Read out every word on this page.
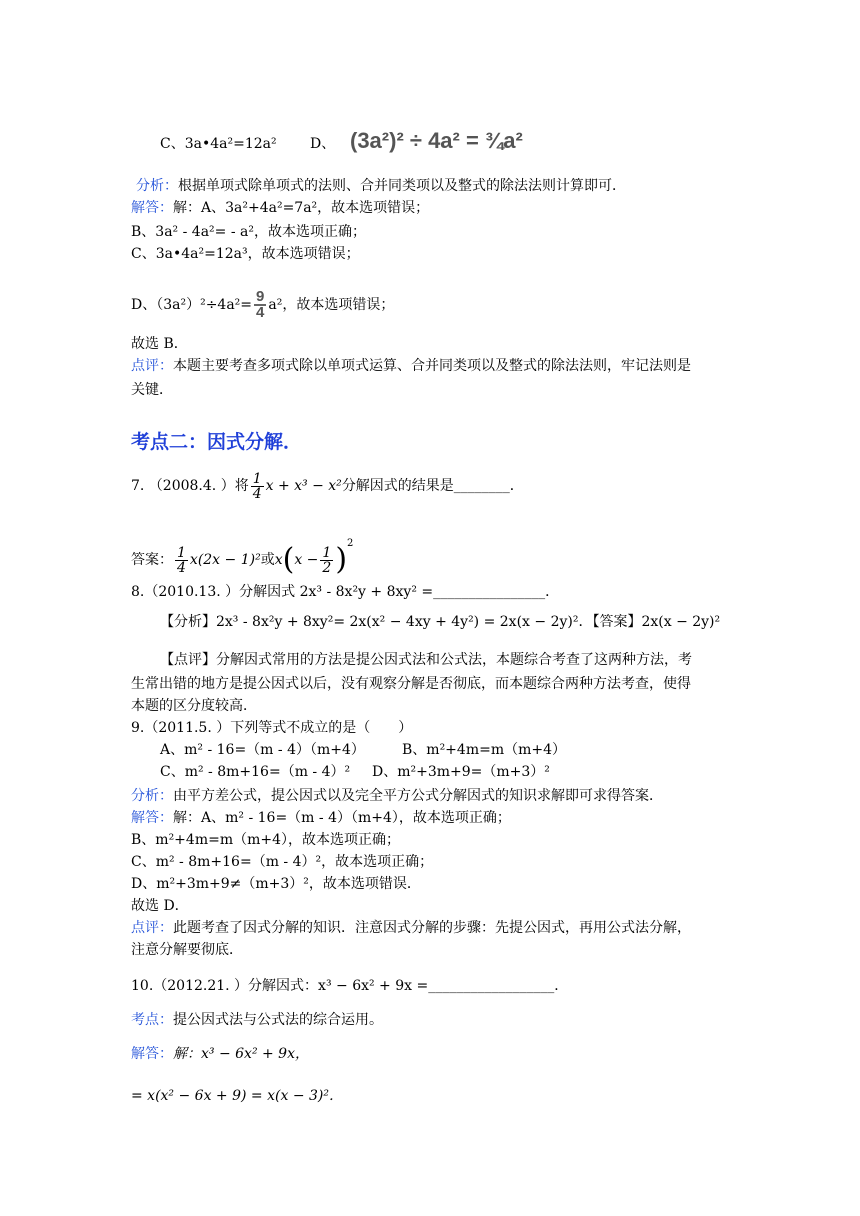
C、3a•4a²=12a² D、 (3a²)² ÷ 4a² = ¾a²
分析：根据单项式除单项式的法则、合并同类项以及整式的除法法则计算即可．
解答：解：A、3a²+4a²=7a²，故本选项错误；
B、3a² - 4a²= - a²，故本选项正确；
C、3a•4a²=12a³，故本选项错误；
D、$(3a^2)^2\div 4a^2= \frac{9}{4} a^2$，故本选项错误；
故选 B．
点评：本题主要考查多项式除以单项式运算、合并同类项以及整式的除法法则，牢记法则是
关键．
考点二：因式分解．
7. （2008.4. ）将 $\frac{1}{4}$ x + x³ − x²分解因式的结果是________．
答案： $\frac{1}{4} x(2x - 1)^2$或$x(x - \frac{1}{2} )^2$
8.（2010.13. ）分解因式 2x³ - 8x²y + 8xy² =________________．
【分析】2x³ - 8x²y + 8xy²= 2x(x² − 4xy + 4y²) = 2x(x − 2y)²．【答案】2x(x − 2y)²
【点评】分解因式常用的方法是提公因式法和公式法，本题综合考查了这两种方法，考
生常出错的地方是提公因式以后，没有观察分解是否彻底，而本题综合两种方法考查，使得
本题的区分度较高．
9.（2011.5. ）下列等式不成立的是（　　）
A、m² - 16=（m - 4）（m+4）	B、m²+4m=m（m+4）
C、m² - 8m+16=（m - 4）² D、m²+3m+9=（m+3）²
分析：由平方差公式，提公因式以及完全平方公式分解因式的知识求解即可求得答案．
解答：解：A、m² - 16=（m - 4）（m+4），故本选项正确；
B、m²+4m=m（m+4），故本选项正确；
C、m² - 8m+16=（m - 4）²，故本选项正确；
D、m²+3m+9≠（m+3）²，故本选项错误．
故选 D．
点评：此题考查了因式分解的知识．注意因式分解的步骤：先提公因式，再用公式法分解，
注意分解要彻底．
10.（2012.21. ）分解因式：x³ − 6x² + 9x =__________________．
考点：提公因式法与公式法的综合运用。
解答：解：x³ − 6x² + 9x，
= x(x² − 6x + 9) = x(x − 3)²．
